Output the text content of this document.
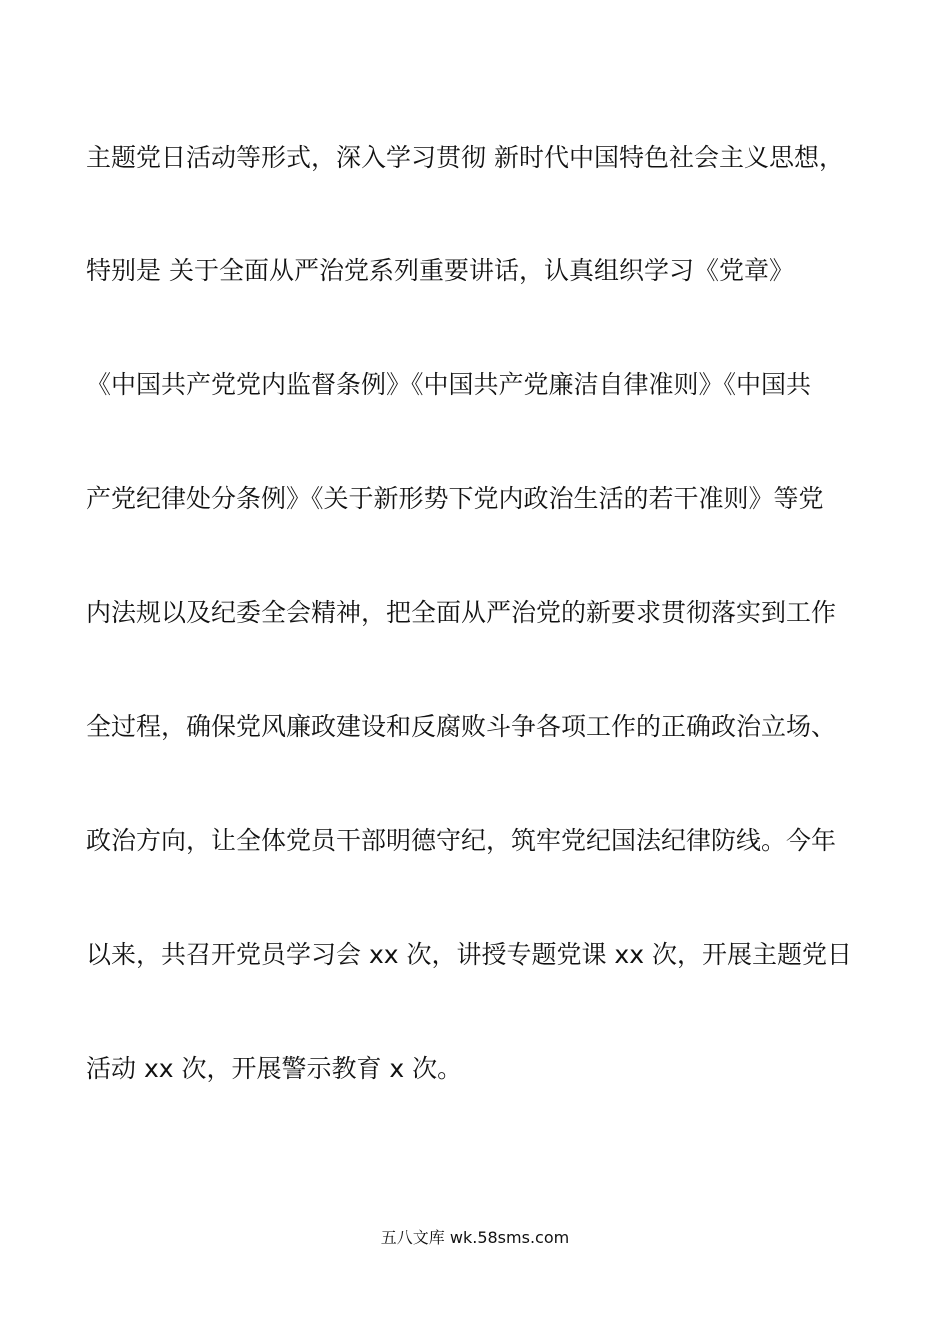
主题党日活动等形式，深入学习贯彻 新时代中国特色社会主义思想，
特别是 关于全面从严治党系列重要讲话，认真组织学习《党章》
《中国共产党党内监督条例》《中国共产党廉洁自律准则》《中国共
产党纪律处分条例》《关于新形势下党内政治生活的若干准则》等党
内法规以及纪委全会精神，把全面从严治党的新要求贯彻落实到工作
全过程，确保党风廉政建设和反腐败斗争各项工作的正确政治立场、
政治方向，让全体党员干部明德守纪，筑牢党纪国法纪律防线。今年
以来，共召开党员学习会 xx 次，讲授专题党课 xx 次，开展主题党日
活动 xx 次，开展警示教育 x 次。
五八文库 wk.58sms.com
